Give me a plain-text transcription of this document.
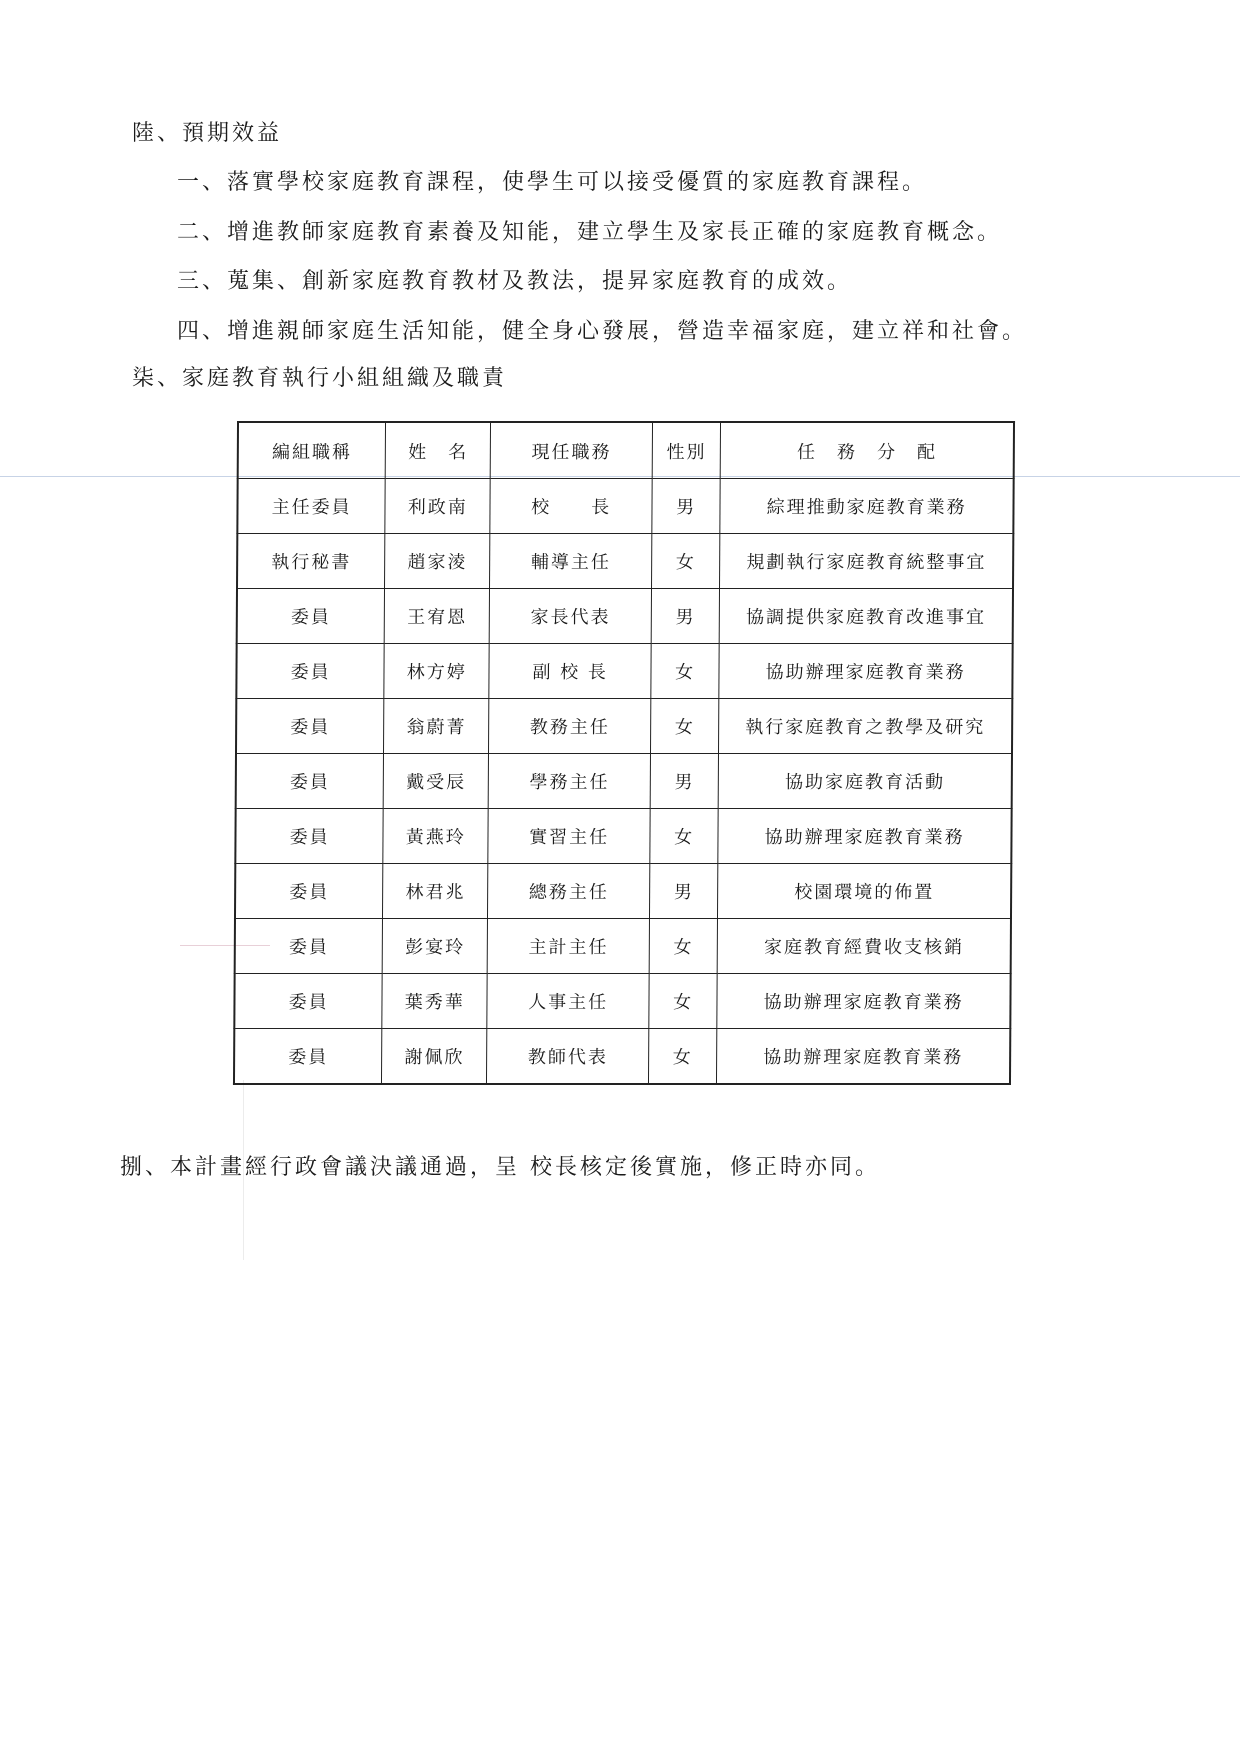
陸、預期效益
一、落實學校家庭教育課程，使學生可以接受優質的家庭教育課程。
二、增進教師家庭教育素養及知能，建立學生及家長正確的家庭教育概念。
三、蒐集、創新家庭教育教材及教法，提昇家庭教育的成效。
四、增進親師家庭生活知能，健全身心發展，營造幸福家庭，建立祥和社會。
柒、家庭教育執行小組組織及職責
編組職稱	姓　名	現任職務	性別	任　務　分　配
主任委員	利政南	校　　長	男	綜理推動家庭教育業務
執行秘書	趙家淩	輔導主任	女	規劃執行家庭教育統整事宜
委員	王宥恩	家長代表	男	協調提供家庭教育改進事宜
委員	林方婷	副 校 長	女	協助辦理家庭教育業務
委員	翁蔚菁	教務主任	女	執行家庭教育之教學及研究
委員	戴受辰	學務主任	男	協助家庭教育活動
委員	黃燕玲	實習主任	女	協助辦理家庭教育業務
委員	林君兆	總務主任	男	校園環境的佈置
委員	彭宴玲	主計主任	女	家庭教育經費收支核銷
委員	葉秀華	人事主任	女	協助辦理家庭教育業務
委員	謝佩欣	教師代表	女	協助辦理家庭教育業務
捌、本計畫經行政會議決議通過，呈 校長核定後實施，修正時亦同。
